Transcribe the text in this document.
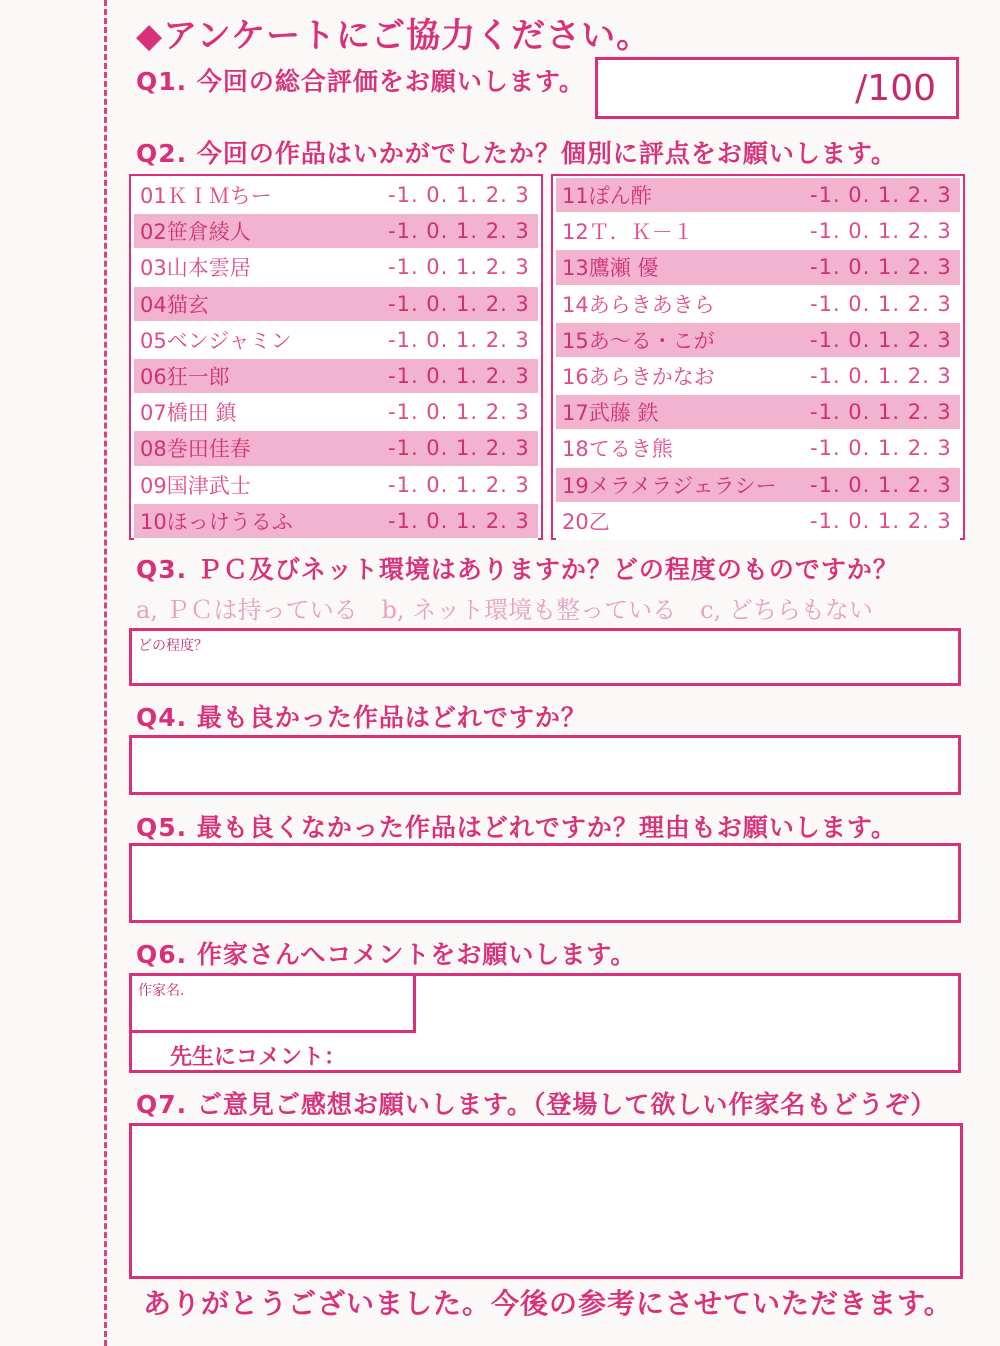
◆アンケートにご協力ください。
Q1. 今回の総合評価をお願いします。	/100
Q2. 今回の作品はいかがでしたか？個別に評点をお願いします。
01ＫＩＭちー	-1. 0. 1. 2. 3
02笹倉綾人	-1. 0. 1. 2. 3
03山本雲居	-1. 0. 1. 2. 3
04猫玄	-1. 0. 1. 2. 3
05ベンジャミン	-1. 0. 1. 2. 3
06狂一郎	-1. 0. 1. 2. 3
07橋田 鎮	-1. 0. 1. 2. 3
08巻田佳春	-1. 0. 1. 2. 3
09国津武士	-1. 0. 1. 2. 3
10ほっけうるふ	-1. 0. 1. 2. 3
11ぽん酢	-1. 0. 1. 2. 3
12Ｔ．Ｋ－１	-1. 0. 1. 2. 3
13鷹瀬 優	-1. 0. 1. 2. 3
14あらきあきら	-1. 0. 1. 2. 3
15あ～る・こが	-1. 0. 1. 2. 3
16あらきかなお	-1. 0. 1. 2. 3
17武藤 鉄	-1. 0. 1. 2. 3
18てるき熊	-1. 0. 1. 2. 3
19メラメラジェラシー	-1. 0. 1. 2. 3
20乙	-1. 0. 1. 2. 3
Q3. ＰＣ及びネット環境はありますか？どの程度のものですか？
a, ＰＣは持っている　b, ネット環境も整っている　c, どちらもない
どの程度？
Q4. 最も良かった作品はどれですか？
Q5. 最も良くなかった作品はどれですか？理由もお願いします。
Q6. 作家さんへコメントをお願いします。
作家名.
先生にコメント：
Q7. ご意見ご感想お願いします。（登場して欲しい作家名もどうぞ）
ありがとうございました。今後の参考にさせていただきます。
